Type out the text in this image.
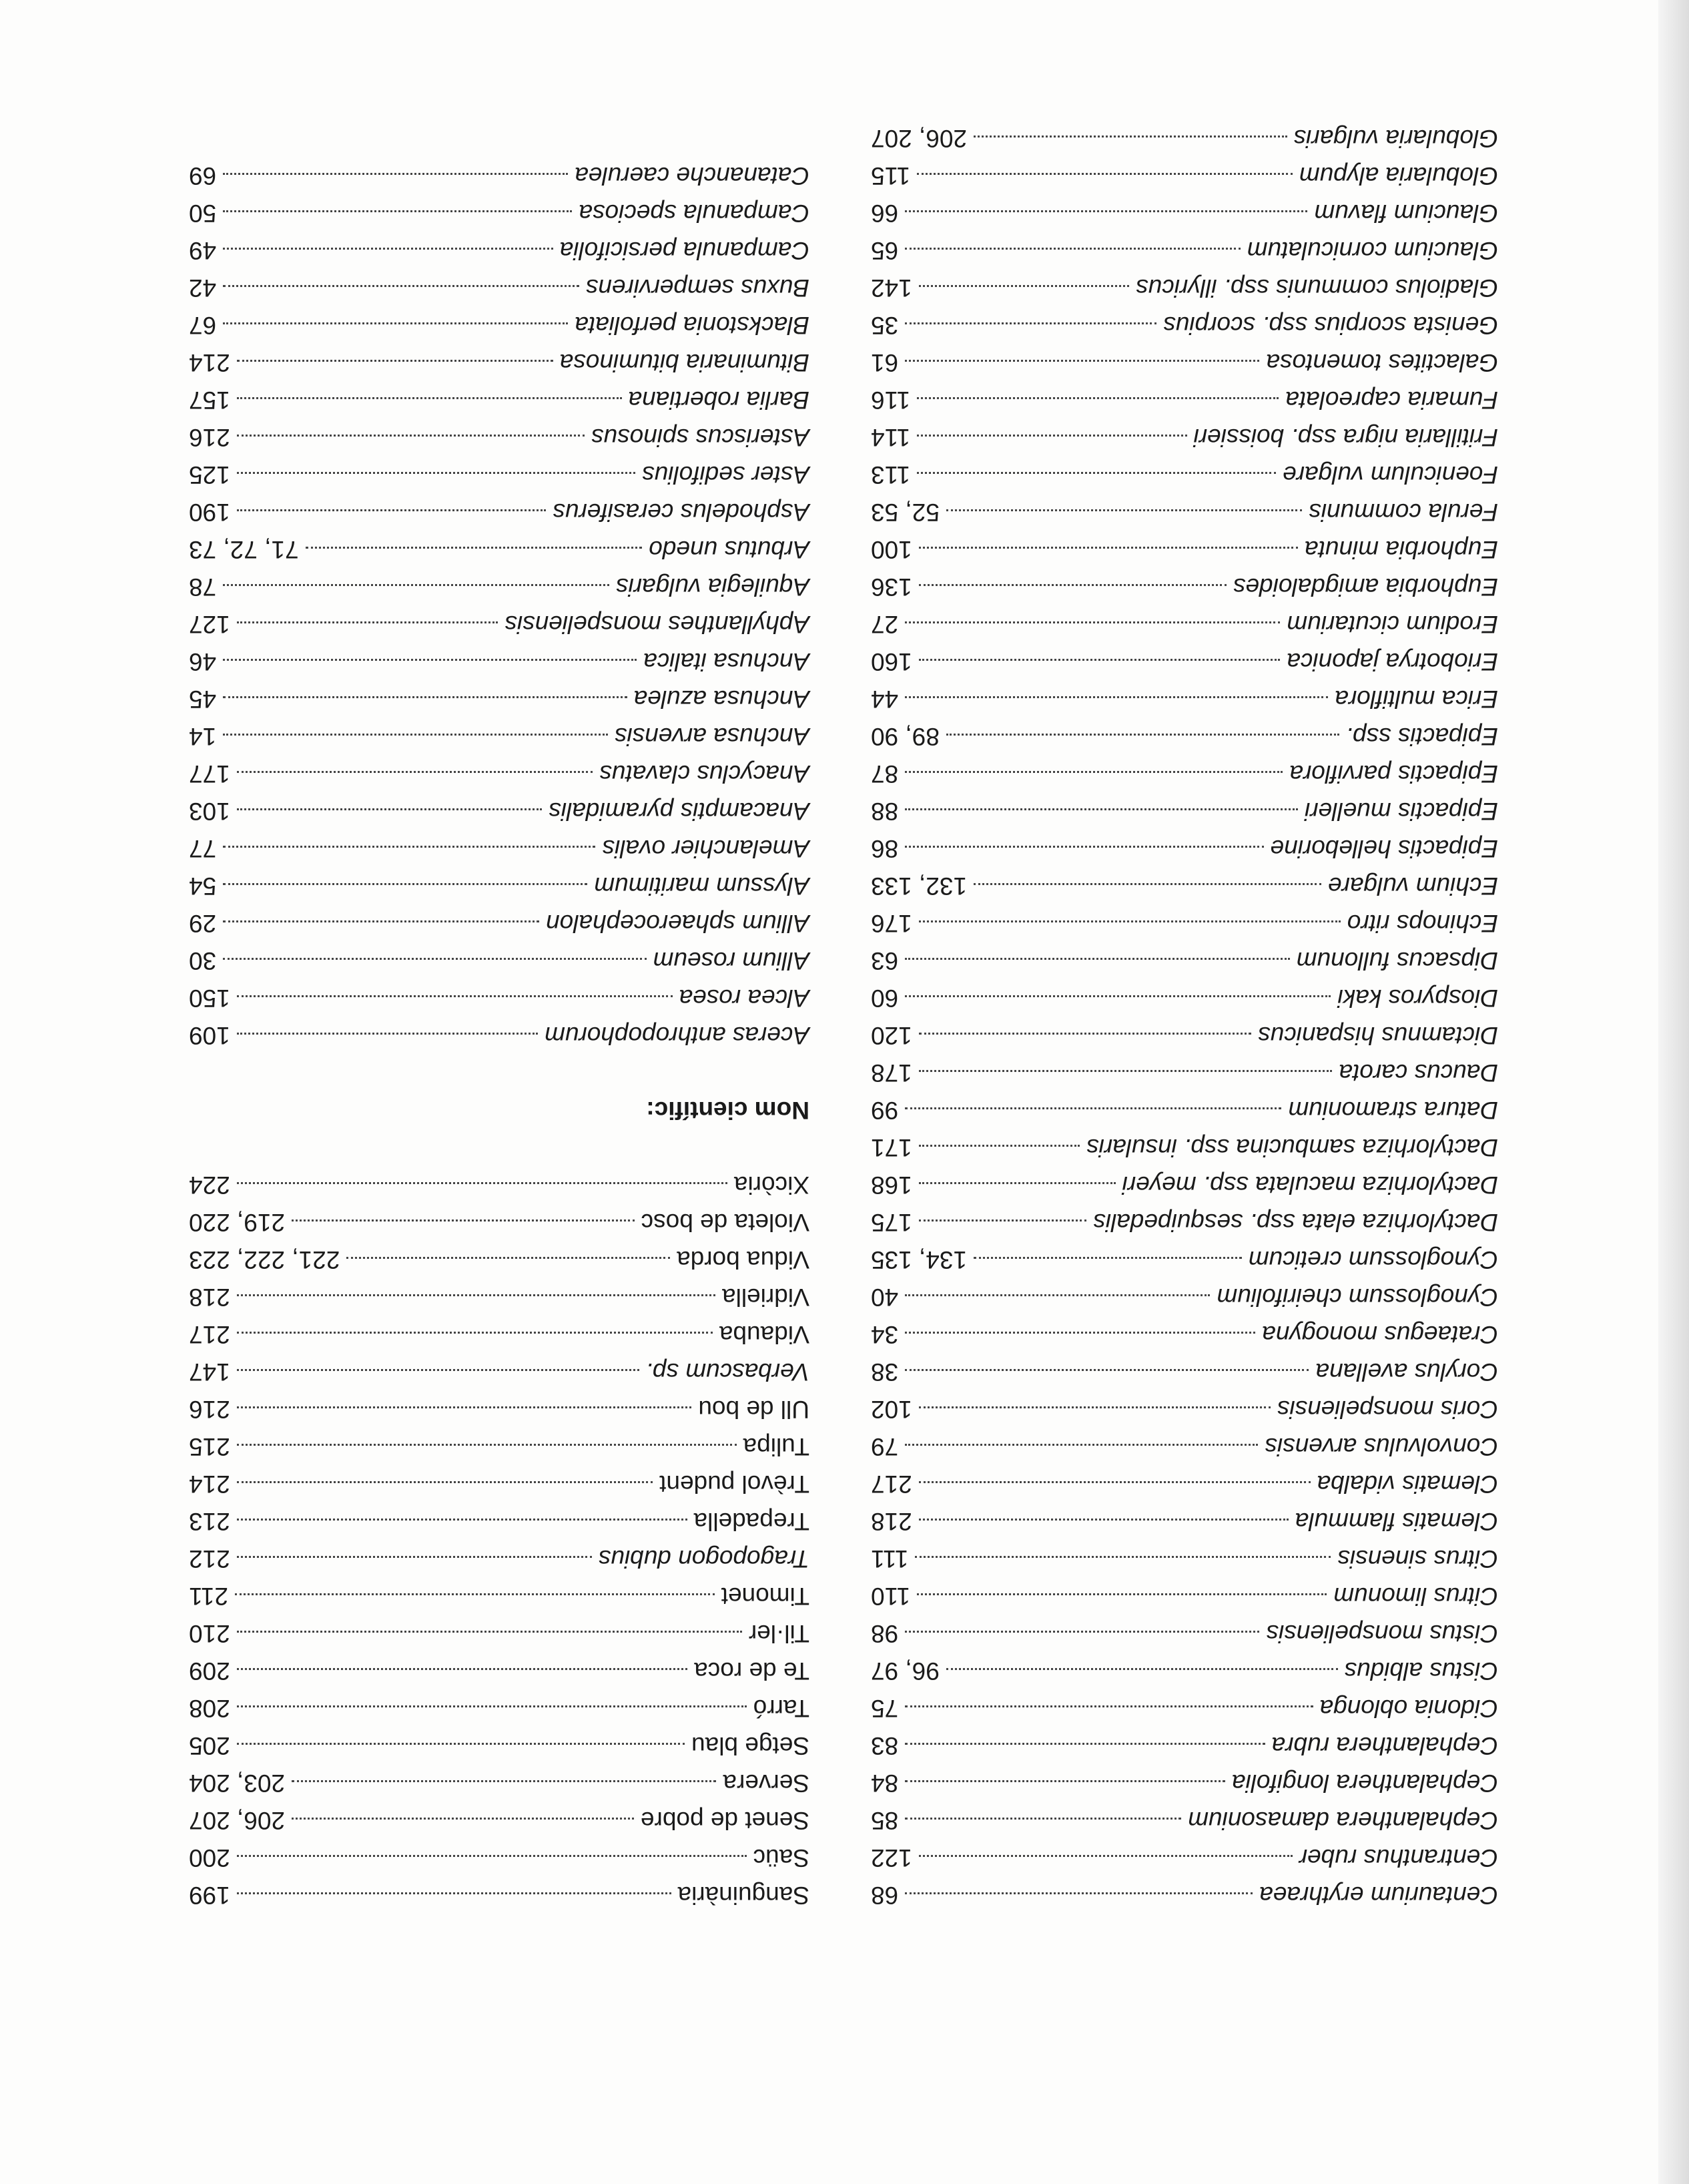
Centaurium erythraea
68
Centranthus ruber
122
Cephalanthera damasonium
85
Cephalanthera longifolia
84
Cephalanthera rubra
83
Cidonia oblonga
75
Cistus albidus
96, 97
Cistus monspeliensis
98
Citrus limonum
110
Citrus sinensis
111
Clematis flammula
218
Clematis vidalba
217
Convolvulus arvensis
79
Coris monspeliensis
102
Corylus avellana
38
Crataegus monogyna
34
Cynoglossum cheirifolium
40
Cynoglossum creticum
134, 135
Dactylorhiza elata ssp. sesquipedalis
175
Dactylorhiza maculata ssp. meyeri
168
Dactylorhiza sambucina ssp. insularis
171
Datura stramonium
99
Daucus carota
178
Dictamnus hispanicus
120
Diospyros kaki
60
Dipsacus fullonum
63
Echinops ritro
176
Echium vulgare
132, 133
Epipactis helleborine
86
Epipactis muelleri
88
Epipactis parviflora
87
Epipactis ssp.
89, 90
Erica multiflora
44
Eriobotrya japonica
160
Erodium cicutarium
27
Euphorbia amigdaloides
136
Euphorbia minuta
100
Ferula communis
52, 53
Foeniculum vulgare
113
Fritillaria nigra ssp. boissieri
114
Fumaria capreolata
116
Galactites tomentosa
61
Genista scorpius ssp. scorpius
35
Gladiolus communis ssp. illyricus
142
Glaucium corniculatum
65
Glaucium flavum
66
Globularia alypum
115
Globularia vulgaris
206, 207
Sanguinària
199
Saüc
200
Senet de pobre
206, 207
Servera
203, 204
Setge blau
205
Tarró
208
Te de roca
209
Til·ler
210
Timonet
211
Tragopogon dubius
212
Trepadella
213
Trèvol pudent
214
Tulipa
215
Ull de bou
216
Verbascum sp.
147
Vidauba
217
Vidriella
218
Vidua borda
221, 222, 223
Violeta de bosc
219, 220
Xicòria
224
Nom científic:
Aceras anthropophorum
109
Alcea rosea
150
Allium roseum
30
Allium sphaerocephalon
29
Alyssum maritimum
54
Amelanchier ovalis
77
Anacamptis pyramidalis
103
Anacyclus clavatus
177
Anchusa arvensis
14
Anchusa azulea
45
Anchusa italica
46
Aphyllanthes monspeliensis
127
Aquilegia vulgaris
78
Arbutus unedo
71, 72, 73
Asphodelus cerasiferus
190
Aster sedifolius
125
Asteriscus spinosus
216
Barlia robertiana
157
Bituminaria bituminosa
214
Blackstonia perfoliata
67
Buxus sempervirens
42
Campanula persicifolia
49
Campanula speciosa
50
Catananche caerulea
69
